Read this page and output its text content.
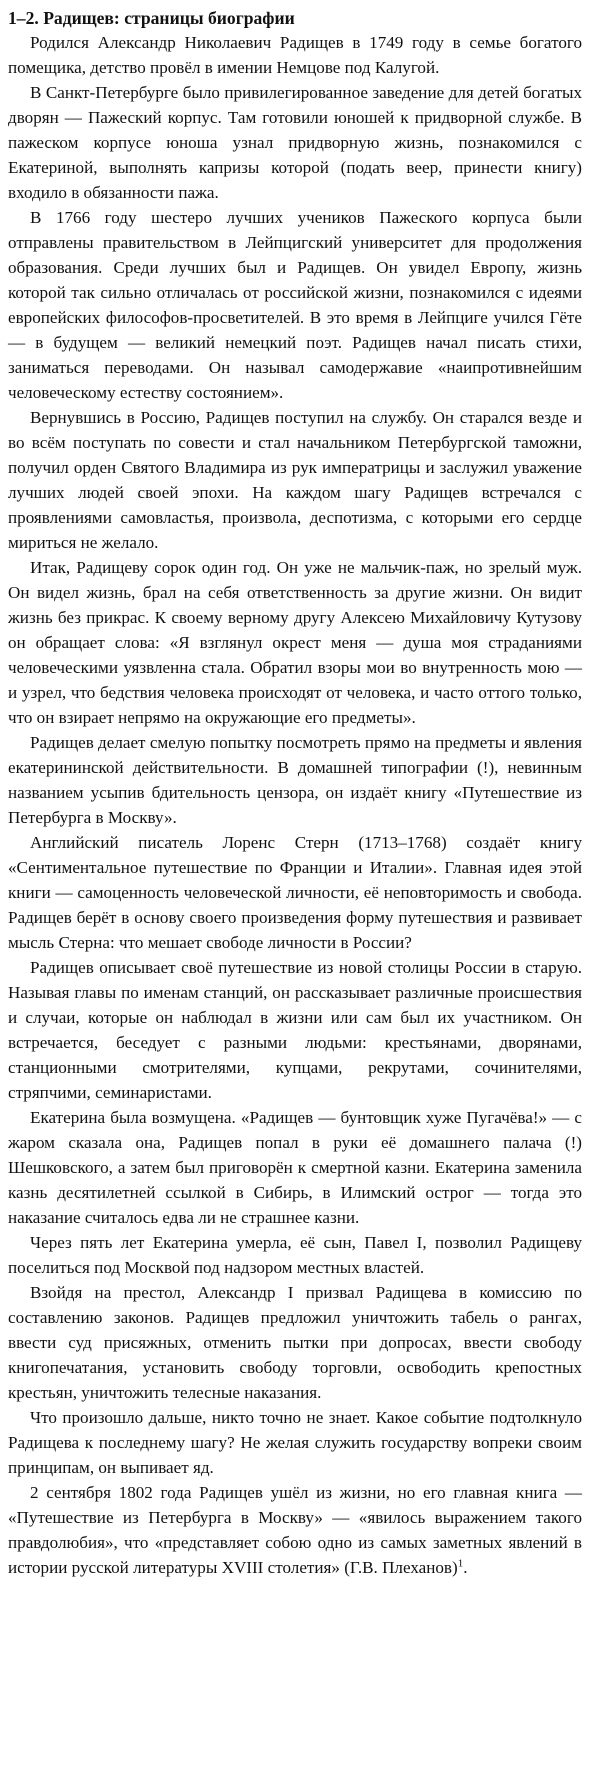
1–2. Радищев: страницы биографии

Родился Александр Николаевич Радищев в 1749 году в семье богатого помещика, детство провёл в имении Немцове под Калугой.

В Санкт-Петербурге было привилегированное заведение для детей богатых дворян — Пажеский корпус. Там готовили юношей к придворной службе. В пажеском корпусе юноша узнал придворную жизнь, познакомился с Екатериной, выполнять капризы которой (подать веер, принести книгу) входило в обязанности пажа.

В 1766 году шестеро лучших учеников Пажеского корпуса были отправлены правительством в Лейпцигский университет для продолжения образования. Среди лучших был и Радищев. Он увидел Европу, жизнь которой так сильно отличалась от российской жизни, познакомился с идеями европейских философов-просветителей. В это время в Лейпциге учился Гёте — в будущем — великий немецкий поэт. Радищев начал писать стихи, заниматься переводами. Он называл самодержавие «наипротивнейшим человеческому естеству состоянием».

Вернувшись в Россию, Радищев поступил на службу. Он старался везде и во всём поступать по совести и стал начальником Петербургской таможни, получил орден Святого Владимира из рук императрицы и заслужил уважение лучших людей своей эпохи. На каждом шагу Радищев встречался с проявлениями самовластья, произвола, деспотизма, с которыми его сердце мириться не желало.

Итак, Радищеву сорок один год. Он уже не мальчик-паж, но зрелый муж. Он видел жизнь, брал на себя ответственность за другие жизни. Он видит жизнь без прикрас. К своему верному другу Алексею Михайловичу Кутузову он обращает слова: «Я взглянул окрест меня — душа моя страданиями человеческими уязвленна стала. Обратил взоры мои во внутренность мою — и узрел, что бедствия человека происходят от человека, и часто оттого только, что он взирает непрямо на окружающие его предметы».

Радищев делает смелую попытку посмотреть прямо на предметы и явления екатерининской действительности. В домашней типографии (!), невинным названием усыпив бдительность цензора, он издаёт книгу «Путешествие из Петербурга в Москву».

Английский писатель Лоренс Стерн (1713–1768) создаёт книгу «Сентиментальное путешествие по Франции и Италии». Главная идея этой книги — самоценность человеческой личности, её неповторимость и свобода. Радищев берёт в основу своего произведения форму путешествия и развивает мысль Стерна: что мешает свободе личности в России?

Радищев описывает своё путешествие из новой столицы России в старую. Называя главы по именам станций, он рассказывает различные происшествия и случаи, которые он наблюдал в жизни или сам был их участником. Он встречается, беседует с разными людьми: крестьянами, дворянами, станционными смотрителями, купцами, рекрутами, сочинителями, стряпчими, семинаристами.

Екатерина была возмущена. «Радищев — бунтовщик хуже Пугачёва!» — с жаром сказала она, Радищев попал в руки её домашнего палача (!) Шешковского, а затем был приговорён к смертной казни. Екатерина заменила казнь десятилетней ссылкой в Сибирь, в Илимский острог — тогда это наказание считалось едва ли не страшнее казни.

Через пять лет Екатерина умерла, её сын, Павел I, позволил Радищеву поселиться под Москвой под надзором местных властей.

Взойдя на престол, Александр I призвал Радищева в комиссию по составлению законов. Радищев предложил уничтожить табель о рангах, ввести суд присяжных, отменить пытки при допросах, ввести свободу книгопечатания, установить свободу торговли, освободить крепостных крестьян, уничтожить телесные наказания.

Что произошло дальше, никто точно не знает. Какое событие подтолкнуло Радищева к последнему шагу? Не желая служить государству вопреки своим принципам, он выпивает яд.

2 сентября 1802 года Радищев ушёл из жизни, но его главная книга — «Путешествие из Петербурга в Москву» — «явилось выражением такого правдолюбия», что «представляет собою одно из самых заметных явлений в истории русской литературы XVIII столетия» (Г.В. Плеханов)$^1$.
